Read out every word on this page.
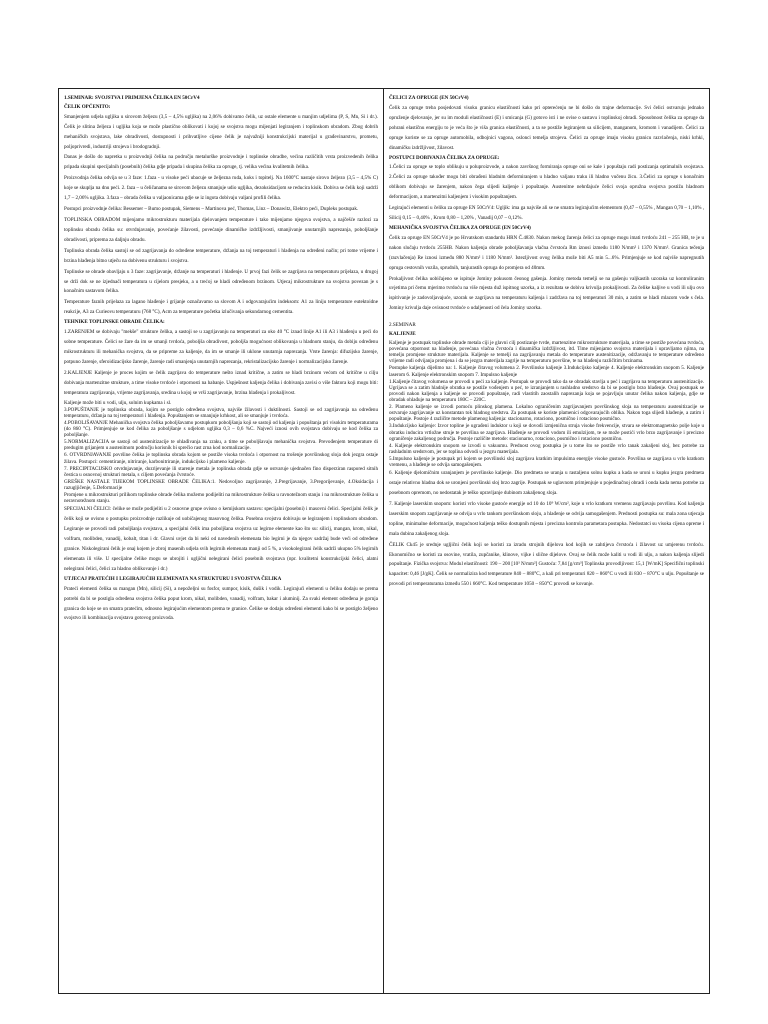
1.SEMINAR: SVOJSTVA I PRIMJENA ČELIKA EN 50CrV4

ČELIK OPĆENITO:

Smanjenjem udjela ugljika u sirovom željezu (3,5 – 4,5% ugljika) na 2,06% dobivamo čelik, uz ostale elemente u manjim udjelima (P, S, Mn, Si i dr.). Čelik je slitina željeza i ugljika koja se može plastično oblikovati i kojoj se svojstva mogu mijenjati legiranjem i toplinskom obradom. Zbog dobrih mehaničkih svojstava, lake obradivosti, dostupnosti i prihvatljive cijene čelik je najvažniji konstrukcijski materijal u građevinarstvu, prometu, poljoprivredi, industriji strojeva i brodogradnji.

Danas je došlo do napretka u proizvodnji čelika na području metalurške proizvodnje i toplinske obradbe, većina različitih vrsta proizvedenih čelika pripada skupini specijalnih (posebnih) čelika gdje pripada i skupina čelika za opruge, tj. velika većina kvalitetnih čelika.

Proizvodnja čelika odvija se u 3 faze: 1.faza - u visoke peći ubacuje se željezna ruda, koks i topitelj. Na 1600°C nastaje sirovo željezo (3,5 – 4,5% C) koje se skuplja na dnu peći. 2. faza – u čeličanama se sirovom željezu smanjuje udio ugljika, dezoksidacijom se reducira kisik. Dobiva se čelik koji sadrži 1,7 – 2,06% ugljika. 3.faza – obrada čelika u valjaonicama gdje se iz ingota dobivaju valjani profili čelika.

Postupci proizvodnje čelika: Bessemer – Bumo postupak, Siemens – Martinova peć, Thomas, Linz – Donawitz, Elektro peći, Dupleks postupak.

TOPLINSKA OBRADOM mijenjamo mikrostrukturu materijala djelovanjem temperature i tako mijenjamo njegova svojstva, a najčešće razlozi za toplinsku obradu čelika su: otvrdnjavanje, povećanje žilavosti, povećanje dinamičke izdržljivosti, smanjivanje unutarnjih naprezanja, poboljšanje obradivosti, priprema za daljnju obradu.

Toplinska obrada čelika sastoji se od zagrijavanja do određene temperature, držanja na toj temperaturi i hlađenja na određeni način; pri tome vrijeme i brzina hlađenja bitno utječu na dobivenu strukturu i svojstva.

Toplinske se obrade obavljaju u 3 faze: zagrijavanje, držanje na temperaturi i hlađenje. U prvoj fazi čelik se zagrijava na temperaturu prijelaza, u drugoj se drži dok se ne izjednači temperatura u cijelom presjeku, a u trećoj se hladi određenom brzinom. Utjecaj mikrostrukture na svojstva povezan je s konačnim sastavom čelika.

Temperature faznih prijelaza za lagano hlađenje i grijanje označavamo sa slovom A i odgovarajućim indeksom: A1 za liniju temperature eutektoidne reakcije, A3 za Curieovu temperaturu (768 °C), Acm za temperature početka izlučivanja sekundarnog cementita.

TEHNIKE TOPLINSKE OBRADE ČELIKA:

1.ZARENJEM se dobivaju "mekše" strukture čelika, a sastoji se u zagrijavanju na temperaturi za oko 40 °C iznad linije A1 ili A3 i hlađenju u peći do sobne temperature. Čelici se žare da im se smanji tvrdoća, poboljša obradivost, poboljša mogućnost oblikovanja u hladnom stanju, da dobiju određenu mikrostrukturu ili mehanička svojstva, da se pripreme za kaljenje, da im se smanje ili uklone unutarnja naprezanja. Vrste žarenja: difuzijsko žarenje, potpuno žarenje, sferoidizacijsko žarenje, žarenje radi smanjenja unutarnjih naprezanja, rekristalizacijsko žarenje i normalizacijsko žarenje.

2.KALJENJE Kaljenje je proces kojim se čelik zagrijava do temperature nešto iznad kritične, a zatim se hladi brzinom većom od kritične u cilju dobivanja martenzitne strukture, a time visoke tvrdoće i otpornosti na habanje. Uspješnost kaljenja čelika i dobivanja zavisi o više faktora koji mogu biti: temperatura zagrijavanja, vrijeme zagrijavanja, sredina u kojoj se vrši zagrijavanje, brzina hlađenja i prokaljivost.

Kaljenje može biti u vodi, ulju, solnim kupkama i sl.

3.POPUŠTANJE je toplinska obrada, kojim se postiglo određena svojstva, najviše žilavosti i duktilnosti. Sastoji se od zagrijavanja na određenu temperaturu, držanja na toj temperaturi i hlađenja. Popuštanjem se smanjuje krhkost, ali se smanjuje i tvrdoća.

4.POBOLJŠAVANJE Mehanička svojstva čelika poboljšavamo postupkom poboljšanja koji se sastoji od kaljenja i popuštanja pri visokim temperaturama (do 860 °C). Primjenjuje se kod čelika za poboljšanje s udjelom ugljika 0,3 – 0,6 %C. Najveći iznosi ovih svojstava dobivaju se kod čelika za poboljšanje.

5.NORMALIZACIJA se sastoji od austenitizacije te ohlađivanja na zraku, a time se poboljšavaju mehanička svojstva. Prevođenjem temperature di predugim grijanjem u austenitnom području korisnik bi sprečio rast zrna kod normalizacije.

6. OTVRDNJAVANJE površine čelika je toplinska obrada kojom se postiže visoka tvrdoća i otpornost na trošenje površinskog sloja dok jezgra ostaje žilava. Postupci: cementiranje, nitriranje, karbonitriranje, indukcijsko i plameno kaljenje.

7. PRECIPITACIJSKO otvrdnjavanje, dozrijevanje ili starenje metala je toplinska obrada gdje se ostvaruje ujednačen fino disperziran raspored sitnih čestica u osnovnoj strukturi metala, s ciljem povećanja čvrstoće.

GREŠKE NASTALE TIJEKOM TOPLINSKE OBRADE ČELIKA:1. Nedovoljno zagrijavanje, 2.Pregrijavanje, 3.Pregorijevanje, 4.Oksidacija i razugljičenje, 5.Deformacije

Promjene u mikrostrukturi prilikom toplinske obrade čelika možemo podijeliti na mikrostrukture čelika u ravnotežnom stanju i na mikrostrukture čelika u neravnotežnom stanju.

SPECIJALNI ČELICI: čelike se može podijeliti u 2 osnovne grupe ovisno o kemijskom sastavu: specijalni (posebni) i masovni čelici. Specijalni čelik je čelik koji se ovisno o postupku proizvodnje razlikuje od uobičajenog masovnog čelika. Posebna svojstva dobivaju se legiranjem i toplinskom obradom. Legiranje se provodi radi poboljšanja svojstava, a specijalni čelik ima poboljšana svojstva uz legirne elemente kao što su: silicij, mangan, krom, nikal, volfram, molibden, vanadij, kobalt, titan i dr. Glavni uvjet da bi neki od navedenih elemenata bio legirni je da njegov sadržaj bude veći od određene granice. Niskolegirani čelik je onaj kojem je zbroj masenih udjela svih legirnih elemenata manji od 5 %, a visokolegirani čelik sadrži ukupno 5% legirnih elemenata ili više. U specijalne čelike mogu se ubrojiti i ugljični nelegirani čelici posebnih svojstava (npr. kvalitetni konstrukcijski čelici, alatni nelegirani čelici, čelici za hladno oblikovanje i dr.)

UTJECAJ PRATEĆIH I LEGIRAJUĆIH ELEMENATA NA STRUKTURU I SVOJSTVA ČELIKA

Prateći elementi čelika su mangan (Mn), silicij (Si), a nepoželjni su fosfor, sumpor, kisik, dušik i vodik. Legirajući elementi u čeliku dodaju se prema potrebi da bi se postigla određena svojstva čelika poput krom, nikal, molibden, vanadij, volfram, bakar i aluminij. Za svaki element određena je gornja granica do koje se on smatra pratećim, odnosno legirajućim elementom prema te granice. Čelike se dodaju određeni elementi kako bi se postiglo željeno svojstvo ili kombinacija svojstava gotovog proizvoda.

ČELICI ZA OPRUGE (EN 50CrV4)

Čelik za opruge treba posjedovati visoku granicu elastičnosti kako pri opterećenju ne bi došlo do trajne deformacije. Svi čelici ostvaruju jednako opruženje djelovanje, jer su im moduli elastičnosti (E) i smicanja (G) gotovo isti i ne ovise o sastavu i toplinskoj obradi. Sposobnost čelika za opruge da pohrani elastičnu energiju to je veća što je viša granica elastičnosti, a ta se postiže legiranjem sa silicijem, manganom, kromom i vanadijem. Čelici za opruge koriste se za opruge automobila, odbojnici vagona, oslonci temelja strojeva. Čelici za opruge imaju visoku granicu razvlačenja, niski krhki, dinamičku izdržljivost, žilavost.

POSTUPCI DOBIVANJA ČELIKA ZA OPRUGE:

1.Čelici za opruge se toplo oblikuju u poluproizvode, a nakon završnog formiranja opruge oni se kale i popuštaju radi postizanja optimalnih svojstava. 2.Čelici za opruge također mogu biti obrađeni hladnim deformiranjem u hladno valjanu traku ili hladno vučenu žicu. 3.Čelici za opruge s konačnim oblikom dobivaju se žarenjem, nakon čega slijedi kaljenje i popuštanje. Austenitne nehrđajuće čelici svoja opružna svojstva postižu hladnom deformacijom, a martenzitni kaljenjem i visokim popuštanjem.

Legirajući elementi u čeliku za opruge EN 50CrV4: Ugljik: ima ga najviše ali se ne smatra legirajućim elementom (0,47 – 0,55% , Mangan 0,70 – 1,10% , Silicij 0,15 – 0,40% , Krom 0,80 – 1,20% , Vanadij 0,07 – 0,12%.

MEHANIČKA SVOJSTVA ČELIKA ZA OPRUGE (EN 50CrV4)

Čelik za opruge EN 50CrV4 je po Hrvatskom standardu HRN Č.4830. Nakon mekog žarenja čelici za opruge mogu imati tvrdoću 241 – 255 HB, te je u nakon slučaju tvrdoću 255HB. Nakon kaljenja obrade poboljšavanja vlačna čvrstoća Rm iznosi između 1180 N/mm² i 1370 N/mm². Granica tečenja (razvlačenja) Re iznosi između 880 N/mm² i 1180 N/mm². Istezljivost ovog čelika može biti A5 min 5...6%. Primjenjuje se kod najviše napregnutih opruga cestovnih vozila, sprudnih, tanjurastih opruga do promjera od 40mm.

Prokaljivost čelika uobičajeno se ispituje Jominy pokusom čeonog gašenja. Jominy metoda temelji se na gašenju valjkastih uzoraka uz kontroliranim uvjetima pri čemu mjerimo tvrdoću na više mjesta duž ispitnog uzorka, a iz rezultata se dobiva krivulja prokaljivosti. Za čelike kaljive u vodi ili ulju ovo ispitivanje je zadovoljavajuće, uzorak se zagrijava na temperaturu kaljenja i zadržava na toj temperaturi 30 min, a zatim se hladi mlazom vode s čela. Jominy krivulja daje ovisnost tvrdoće o udaljenosti od čela Jominy uzorka.

2.SEMINAR

KALJENJE

Kaljenje je postupak toplinske obrade metala ciji je glavni cilj postizanje tvrde, martenzitne mikrostrukture materijala, a time se postiže povećana tvrdoća, povećana otpornost na hlađenje, povećana vlačna čvrstoća i dinamička izdržljivost, itd. Time mijenjamo svojstva materijala i upravljamo njima, na temelju promjene strukture materijala. Kaljenje se temelji na zagrijavanju metala do temperature austenitizacije, održavanju te temperature određeno vrijeme radi odvijanja promjena i da se jezgra materijala zagrije na temperaturu površine, te na hlađenju različitim brzinama.

Postupke kaljenja dijelimo na: 1. Kaljenje čitavog volumena 2. Površinsko kaljenje 3.Indukcijsko kaljenje 4. Kaljenje elektronskim snopom 5. Kaljenje laserom 6. Kaljenje elektronskim snopom 7. Impulsno kaljenje

1.Kaljenje čitavog volumena se provodi u peći za kaljenje. Postupak se provodi tako da se obradak stavlja u peć i zagrijava na temperaturu austenitizacije. Ugrijava se a zatim hladnije obratka se postiže vođenjem u peć, te izranjanjem u rashladno sredstvo da bi se postiglo brzo hlađenje. Ovaj postupak se provodi nakon kaljenja a kaljenje se provodi popuštanje, radi vlastitih zaostalih naprezanja koja se pojavljuju unutar čelika nakon kaljenja, gdje se obradak ohlađuje na temperaturu 180C – 220C.

2. Plameno kaljenje se izvodi pomoću plinskog plamena. Lokalno ograničenim zagrijavanjem površinskog sloja na temperaturu austenitizacije se ostvaruje zagrijavanje uz konstantan tok hladnog sredstva. Za postupak se koriste plamenici odgovarajućih oblika. Nakon toga slijedi hlađenje, a zatim i popuštanje. Postoje 4 različite metode plamenog kaljenja: stacionarno, rotaciono, posmično i rotaciono posmično.

3.Indukcijsko kaljenje: Izvor topline je ugrađeni induktor u koji se dovodi izmjenična struja visoke frekvencije, stvara se elektromagnetsko polje koje u obratku inducira vrtložne struje te površina se zagrijava. Hlađenje se provodi vodom ili emulzijom, te se može postići vrlo brzo zagrijavanje i precizno ograničenje zakaljenog područja. Postoje različite metode: stacionarno, rotaciono, posmično i rotaciono posmično.

4. Kaljenje elektronskim snopom se izvodi u vakuumu. Prednost ovog postupka je u tome što se postiže vrlo tanak zakaljeni sloj, bez potrebe za rashladnim sredstvom, jer se toplina odvodi u jezgru materijala.

5.Impulsno kaljenje je postupak pri kojem se površinski sloj zagrijava kratkim impulsima energije visoke gustoće. Površina se zagrijava u vrlo kratkom vremenu, a hlađenje se odvija samogašenjem.

6. Kaljenje djelomičnim uranjanjem je površinsko kaljenje. Dio predmeta se uranja u rastaljenu solnu kupku a kada se uroni u kupku jezgra predmeta ostaje relativno hladna dok se uronjeni površinski sloj brzo zagrije. Postupak se uglavnom primjenjuje u pojedinačnoj obradi i onda kada nema potrebe za posebnom opremom, no nedostatak je teško upravljanje dubinom zakaljenog sloja.

7. Kaljenje laserskim snopom: koristi vrlo visoke gustoće energije od 10 do 10⁹ W/cm², koje u vrlo kratkom vremenu zagrijavaju površinu. Kod kaljenja laserskim snopom zagrijavanje se odvija u vrlo tankom površinskom sloju, a hlađenje se odvija samogašenjem. Prednosti postupka su: mala zona utjecaja topline, minimalne deformacije, mogućnost kaljenja teško dostupnih mjesta i precizna kontrola parametara postupka. Nedostatci su visoka cijena opreme i mala dubina zakaljenog sloja.

ČELIK Ck45 je srednje ugljični čelik koji se koristi za izradu strojnih dijelova kod kojih se zahtijeva čvrstoća i žilavost uz umjerenu tvrdoću. Ekonomično se koristi za osovine, vratila, zupčanike, klinove, vijke i slične dijelove. Ovaj se čelik može kaliti u vodi ili ulju, a nakon kaljenja slijedi popuštanje. Fizička svojstva: Modul elastičnosti: 190 – 200 [10³ N/mm²] Gustoća: 7,84 [g/cm³] Toplinska provodljivost: 15,1 [W/mK] Specifični toplinski kapacitet: 0,46 [J/gK]. Čelik se normalizira kod temperature 840 – 880°C, a kali pri temperaturi 820 – 860°C u vodi ili 830 – 870°C u ulju. Popuštanje se provodi pri temperaturama između 550 i 660°C. Kod temperature 1050 – 850°C provodi se kovanje.
